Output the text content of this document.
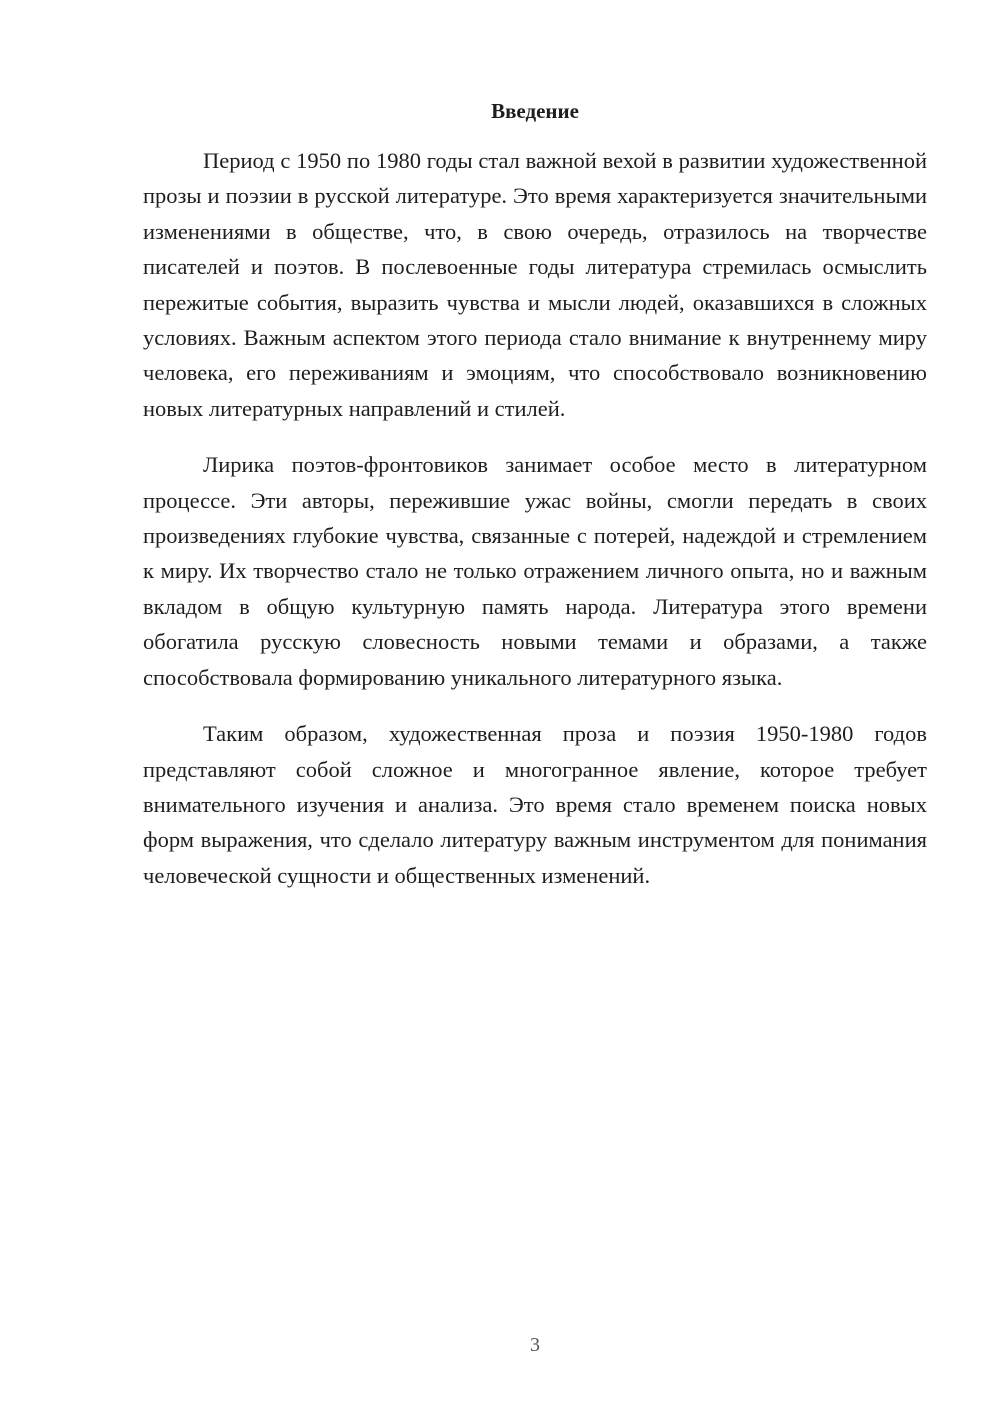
Введение

Период с 1950 по 1980 годы стал важной вехой в развитии художественной прозы и поэзии в русской литературе. Это время характеризуется значительными изменениями в обществе, что, в свою очередь, отразилось на творчестве писателей и поэтов. В послевоенные годы литература стремилась осмыслить пережитые события, выразить чувства и мысли людей, оказавшихся в сложных условиях. Важным аспектом этого периода стало внимание к внутреннему миру человека, его переживаниям и эмоциям, что способствовало возникновению новых литературных направлений и стилей.

Лирика поэтов-фронтовиков занимает особое место в литературном процессе. Эти авторы, пережившие ужас войны, смогли передать в своих произведениях глубокие чувства, связанные с потерей, надеждой и стремлением к миру. Их творчество стало не только отражением личного опыта, но и важным вкладом в общую культурную память народа. Литература этого времени обогатила русскую словесность новыми темами и образами, а также способствовала формированию уникального литературного языка.

Таким образом, художественная проза и поэзия 1950-1980 годов представляют собой сложное и многогранное явление, которое требует внимательного изучения и анализа. Это время стало временем поиска новых форм выражения, что сделало литературу важным инструментом для понимания человеческой сущности и общественных изменений.

3
